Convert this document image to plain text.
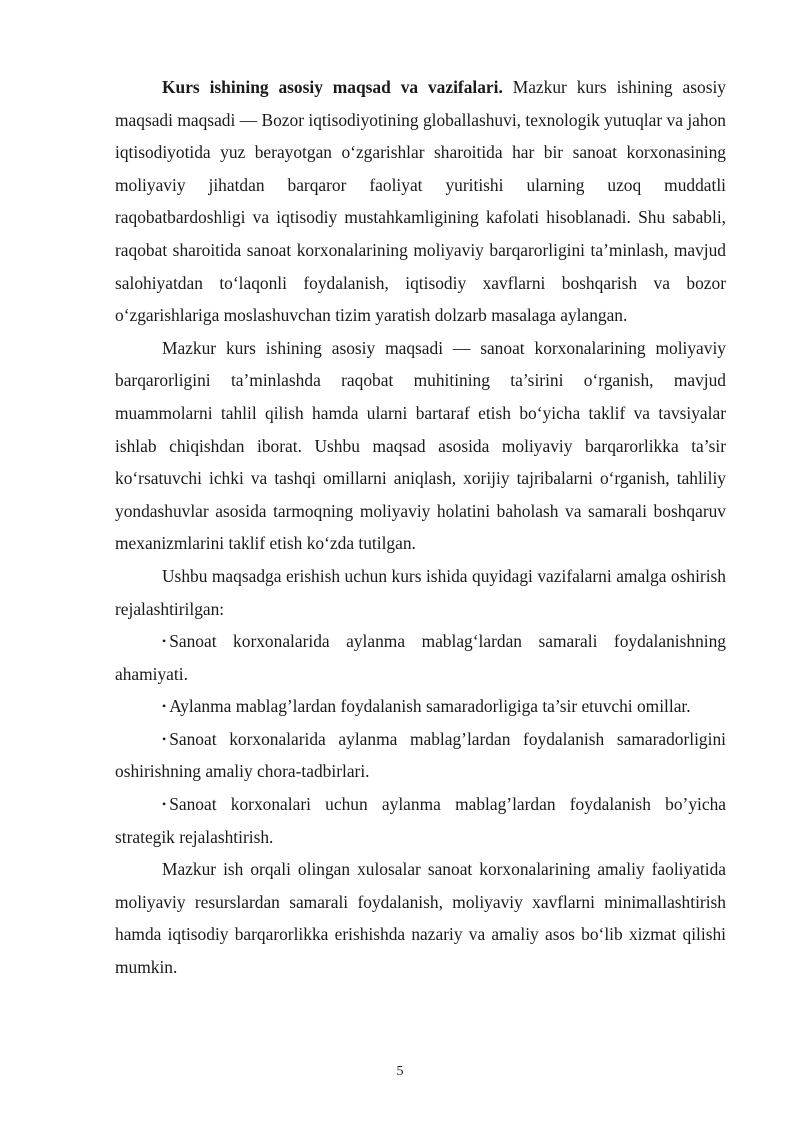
Kurs ishining asosiy maqsad va vazifalari. Mazkur kurs ishining asosiy maqsadi maqsadi — Bozor iqtisodiyotining globallashuvi, texnologik yutuqlar va jahon iqtisodiyotida yuz berayotgan o‘zgarishlar sharoitida har bir sanoat korxonasining moliyaviy jihatdan barqaror faoliyat yuritishi ularning uzoq muddatli raqobatbardoshligi va iqtisodiy mustahkamligining kafolati hisoblanadi. Shu sababli, raqobat sharoitida sanoat korxonalarining moliyaviy barqarorligini ta’minlash, mavjud salohiyatdan to‘laqonli foydalanish, iqtisodiy xavflarni boshqarish va bozor o‘zgarishlariga moslashuvchan tizim yaratish dolzarb masalaga aylangan.

Mazkur kurs ishining asosiy maqsadi — sanoat korxonalarining moliyaviy barqarorligini ta’minlashda raqobat muhitining ta’sirini o‘rganish, mavjud muammolarni tahlil qilish hamda ularni bartaraf etish bo‘yicha taklif va tavsiyalar ishlab chiqishdan iborat. Ushbu maqsad asosida moliyaviy barqarorlikka ta’sir ko‘rsatuvchi ichki va tashqi omillarni aniqlash, xorijiy tajribalarni o‘rganish, tahliliy yondashuvlar asosida tarmoqning moliyaviy holatini baholash va samarali boshqaruv mexanizmlarini taklif etish ko‘zda tutilgan.

Ushbu maqsadga erishish uchun kurs ishida quyidagi vazifalarni amalga oshirish rejalashtirilgan:

• Sanoat korxonalarida aylanma mablag‘lardan samarali foydalanishning ahamiyati.

• Aylanma mablag’lardan foydalanish samaradorligiga ta’sir etuvchi omillar.

• Sanoat korxonalarida aylanma mablag’lardan foydalanish samaradorligini oshirishning amaliy chora-tadbirlari.

• Sanoat korxonalari uchun aylanma mablag’lardan foydalanish bo’yicha strategik rejalashtirish.

Mazkur ish orqali olingan xulosalar sanoat korxonalarining amaliy faoliyatida moliyaviy resurslardan samarali foydalanish, moliyaviy xavflarni minimallashtirish hamda iqtisodiy barqarorlikka erishishda nazariy va amaliy asos bo‘lib xizmat qilishi mumkin.

5
